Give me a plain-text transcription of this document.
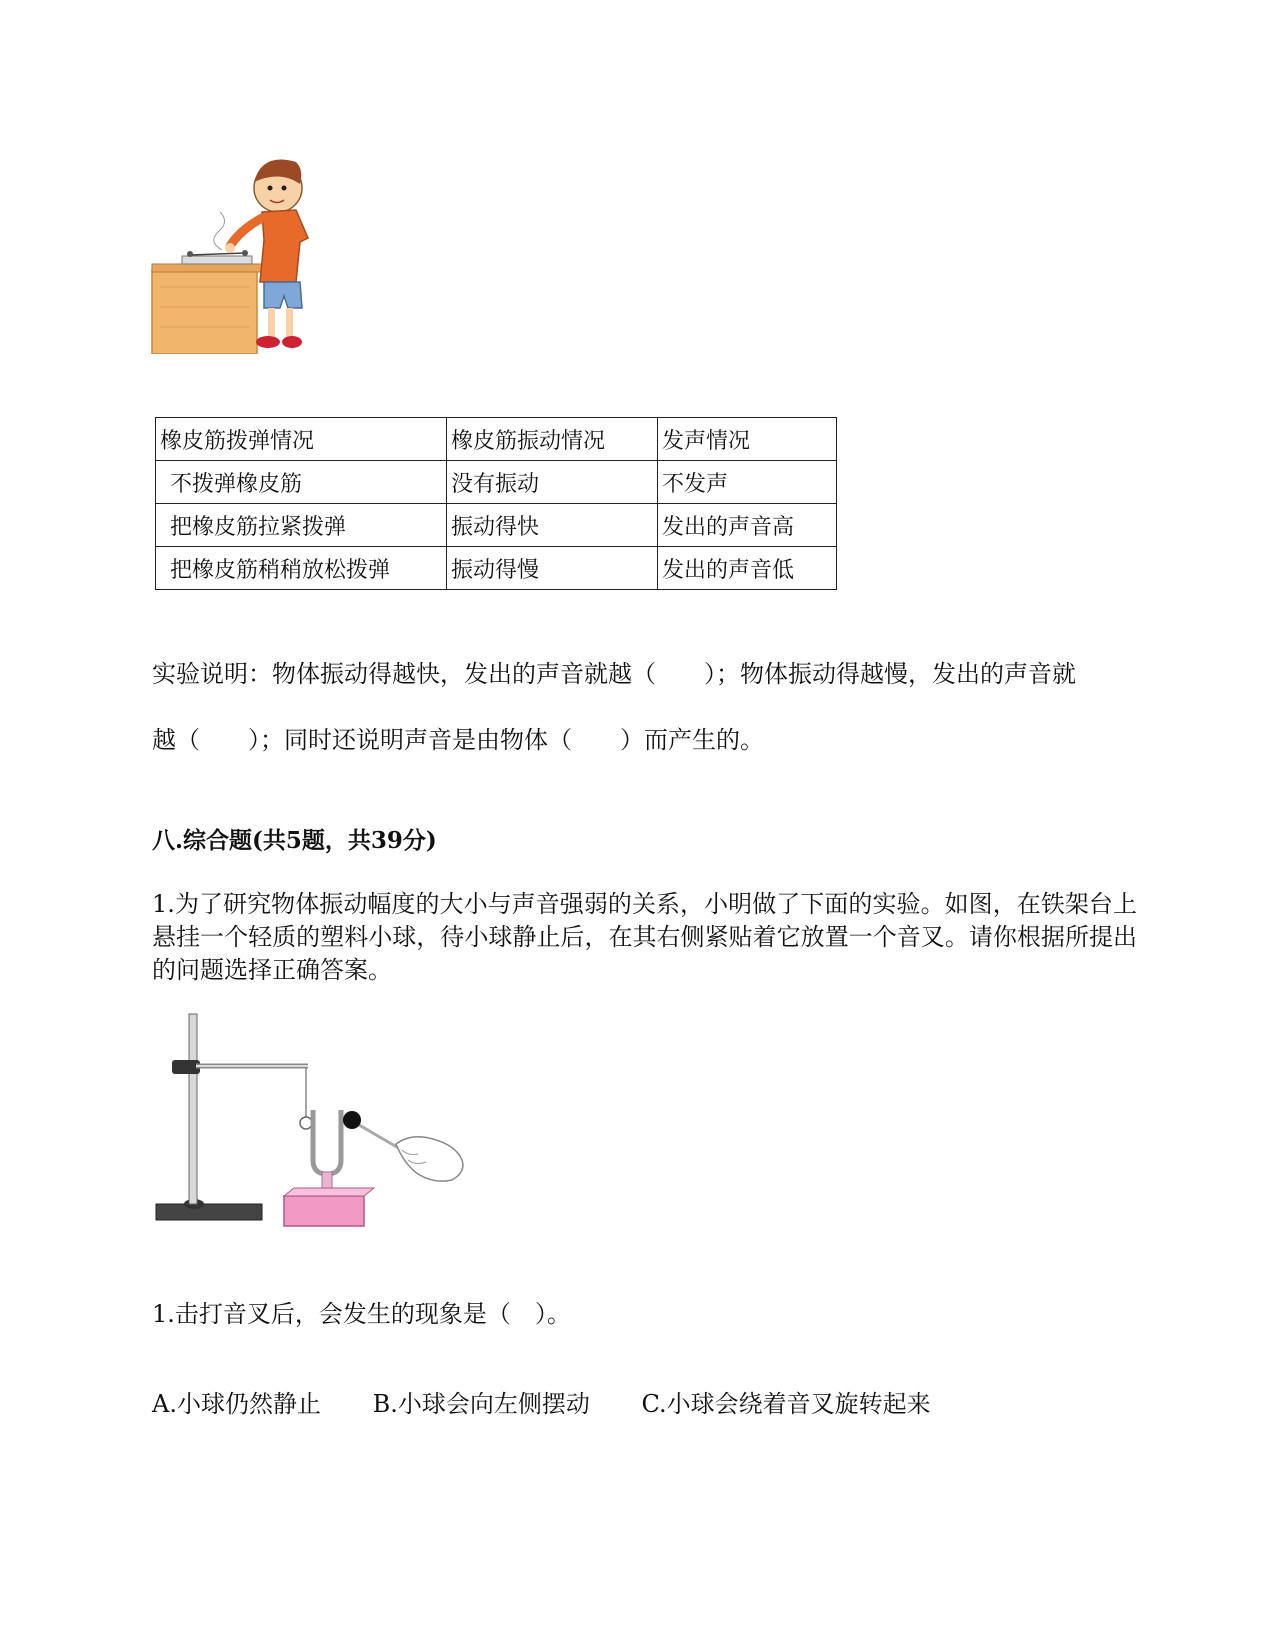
橡皮筋拨弹情况	橡皮筋振动情况	发声情况
不拨弹橡皮筋	没有振动	不发声
把橡皮筋拉紧拨弹	振动得快	发出的声音高
把橡皮筋稍稍放松拨弹	振动得慢	发出的声音低
实验说明：物体振动得越快，发出的声音就越（　　）；物体振动得越慢，发出的声音就
越（　　）；同时还说明声音是由物体（　　）而产生的。
八.综合题(共5题，共39分)
1.为了研究物体振动幅度的大小与声音强弱的关系，小明做了下面的实验。如图，在铁架台上悬挂一个轻质的塑料小球，待小球静止后，在其右侧紧贴着它放置一个音叉。请你根据所提出的问题选择正确答案。
1.击打音叉后，会发生的现象是（　）。
A.小球仍然静止 B.小球会向左侧摆动 C.小球会绕着音叉旋转起来
